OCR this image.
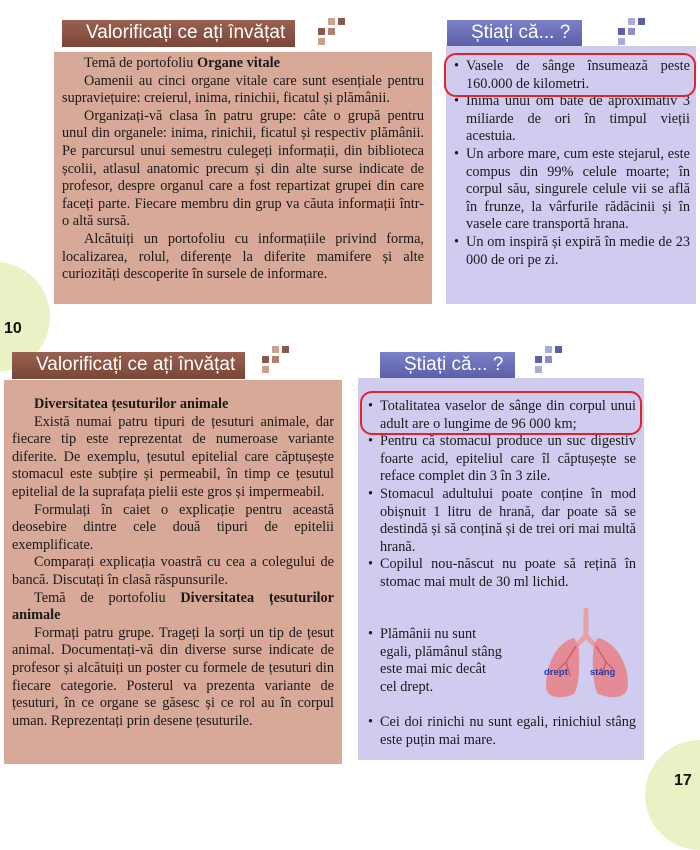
10
17
Valorificați ce ați învățat

Temă de portofoliu Organe vitale

Oamenii au cinci organe vitale care sunt esențiale pentru supraviețuire: creierul, inima, rinichii, ficatul și plămânii.

Organizați-vă clasa în patru grupe: câte o grupă pentru unul din organele: inima, rinichii, ficatul și respectiv plămânii. Pe parcursul unui semestru culegeți informații, din biblioteca școlii, atlasul anatomic precum și din alte surse indicate de profesor, despre organul care a fost repartizat grupei din care faceți parte. Fiecare membru din grup va căuta informații într-o altă sursă.

Alcătuiți un portofoliu cu informațiile privind forma, localizarea, rolul, diferențe la diferite mamifere și alte curiozități descoperite în sursele de informare.

Știați că... ?
• Vasele de sânge însumează peste 160.000 de kilometri.
• Inima unui om bate de aproximativ 3 miliarde de ori în timpul vieții acestuia.
• Un arbore mare, cum este stejarul, este compus din 99% celule moarte; în corpul său, singurele celule vii se află în frunze, la vârfurile rădăcinii și în vasele care transportă hrana.
• Un om inspiră și expiră în medie de 23 000 de ori pe zi.
Valorificați ce ați învățat

Diversitatea țesuturilor animale

Există numai patru tipuri de țesuturi animale, dar fiecare tip este reprezentat de numeroase variante diferite. De exemplu, țesutul epitelial care căptușește stomacul este subțire și permeabil, în timp ce țesutul epitelial de la suprafața pielii este gros și impermeabil.

Formulați în caiet o explicație pentru această deosebire dintre cele două tipuri de epitelii exemplificate.

Comparați explicația voastră cu cea a colegului de bancă. Discutați în clasă răspunsurile.

Temă de portofoliu Diversitatea țesuturilor animale

Formați patru grupe. Trageți la sorți un tip de țesut animal. Documentați-vă din diverse surse indicate de profesor și alcătuiți un poster cu formele de țesuturi din fiecare categorie. Posterul va prezenta variante de țesuturi, în ce organe se găsesc și ce rol au în corpul uman. Reprezentați prin desene țesuturile.

Știați că... ?
• Totalitatea vaselor de sânge din corpul unui adult are o lungime de 96 000 km;
• Pentru că stomacul produce un suc digestiv foarte acid, epiteliul care îl căptușește se reface complet din 3 în 3 zile.
• Stomacul adultului poate conține în mod obișnuit 1 litru de hrană, dar poate să se destindă și să conțină și de trei ori mai multă hrană.
• Copilul nou-născut nu poate să rețină în stomac mai mult de 30 ml lichid.
• Plămânii nu sunt egali, plămânul stâng este mai mic decât cel drept.
drept stâng
• Cei doi rinichi nu sunt egali, rinichiul stâng este puțin mai mare.
